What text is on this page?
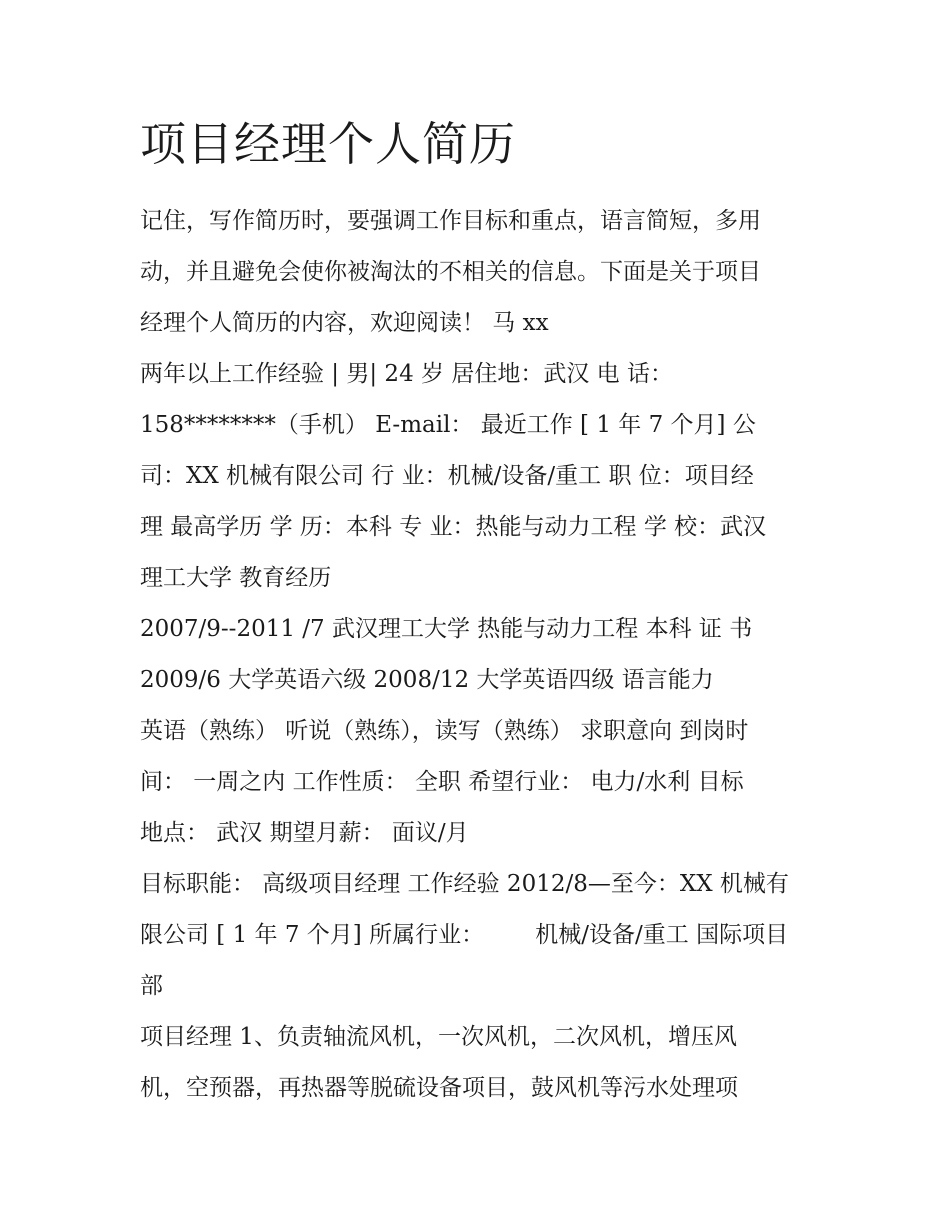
项目经理个人简历

记住，写作简历时，要强调工作目标和重点，语言简短，多用

动，并且避免会使你被淘汰的不相关的信息。下面是关于项目

经理个人简历的内容，欢迎阅读！ 马 xx

两年以上工作经验 | 男| 24 岁 居住地：武汉 电 话：

158********（手机） E-mail： 最近工作 [ 1 年 7 个月] 公

司：XX 机械有限公司 行 业：机械/设备/重工 职 位：项目经

理 最高学历 学 历：本科 专 业：热能与动力工程 学 校：武汉

理工大学 教育经历

2007/9--2011 /7 武汉理工大学 热能与动力工程 本科 证 书

2009/6 大学英语六级 2008/12 大学英语四级 语言能力

英语（熟练） 听说（熟练），读写（熟练） 求职意向 到岗时

间： 一周之内 工作性质： 全职 希望行业： 电力/水利 目标

地点： 武汉 期望月薪： 面议/月

目标职能： 高级项目经理 工作经验 2012/8—至今：XX 机械有

限公司 [ 1 年 7 个月] 所属行业：       机械/设备/重工 国际项目

部

项目经理 1、负责轴流风机，一次风机，二次风机，增压风

机，空预器，再热器等脱硫设备项目，鼓风机等污水处理项
